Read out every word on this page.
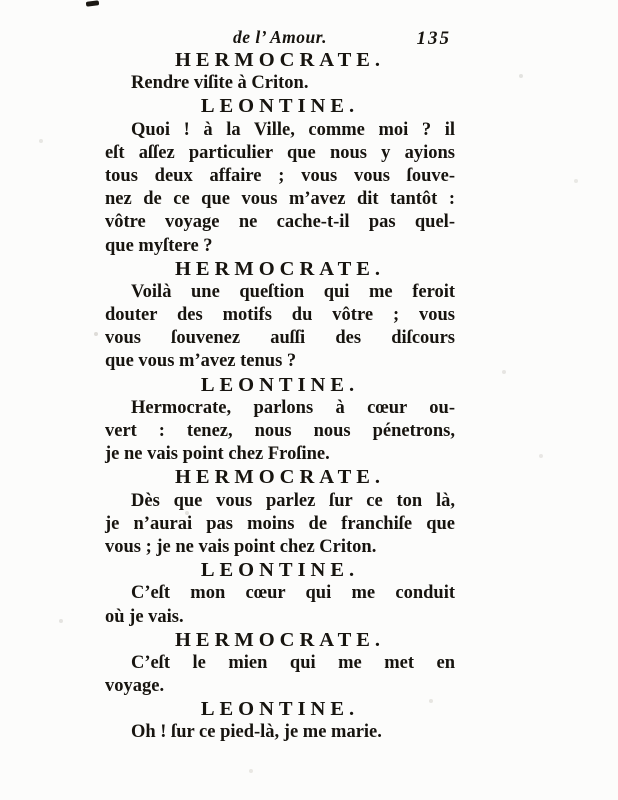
de l’ Amour.	135
HERMOCRATE.
Rendre viſite à Criton.
LEONTINE.
Quoi ! à la Ville, comme moi ? il
eſt aſſez particulier que nous y ayions
tous deux affaire ; vous vous ſouve-
nez de ce que vous m’avez dit tantôt :
vôtre voyage ne cache-t-il pas quel-
que myſtere ?
HERMOCRATE.
Voilà une queſtion qui me feroit
douter des motifs du vôtre ; vous
vous ſouvenez auſſi des diſcours
que vous m’avez tenus ?
LEONTINE.
Hermocrate, parlons à cœur ou-
vert : tenez, nous nous pénetrons,
je ne vais point chez Froſine.
HERMOCRATE.
Dès que vous parlez ſur ce ton là,
je n’aurai pas moins de franchiſe que
vous ; je ne vais point chez Criton.
LEONTINE.
C’eſt mon cœur qui me conduit
où je vais.
HERMOCRATE.
C’eſt le mien qui me met en
voyage.
LEONTINE.
Oh ! ſur ce pied-là, je me marie.
